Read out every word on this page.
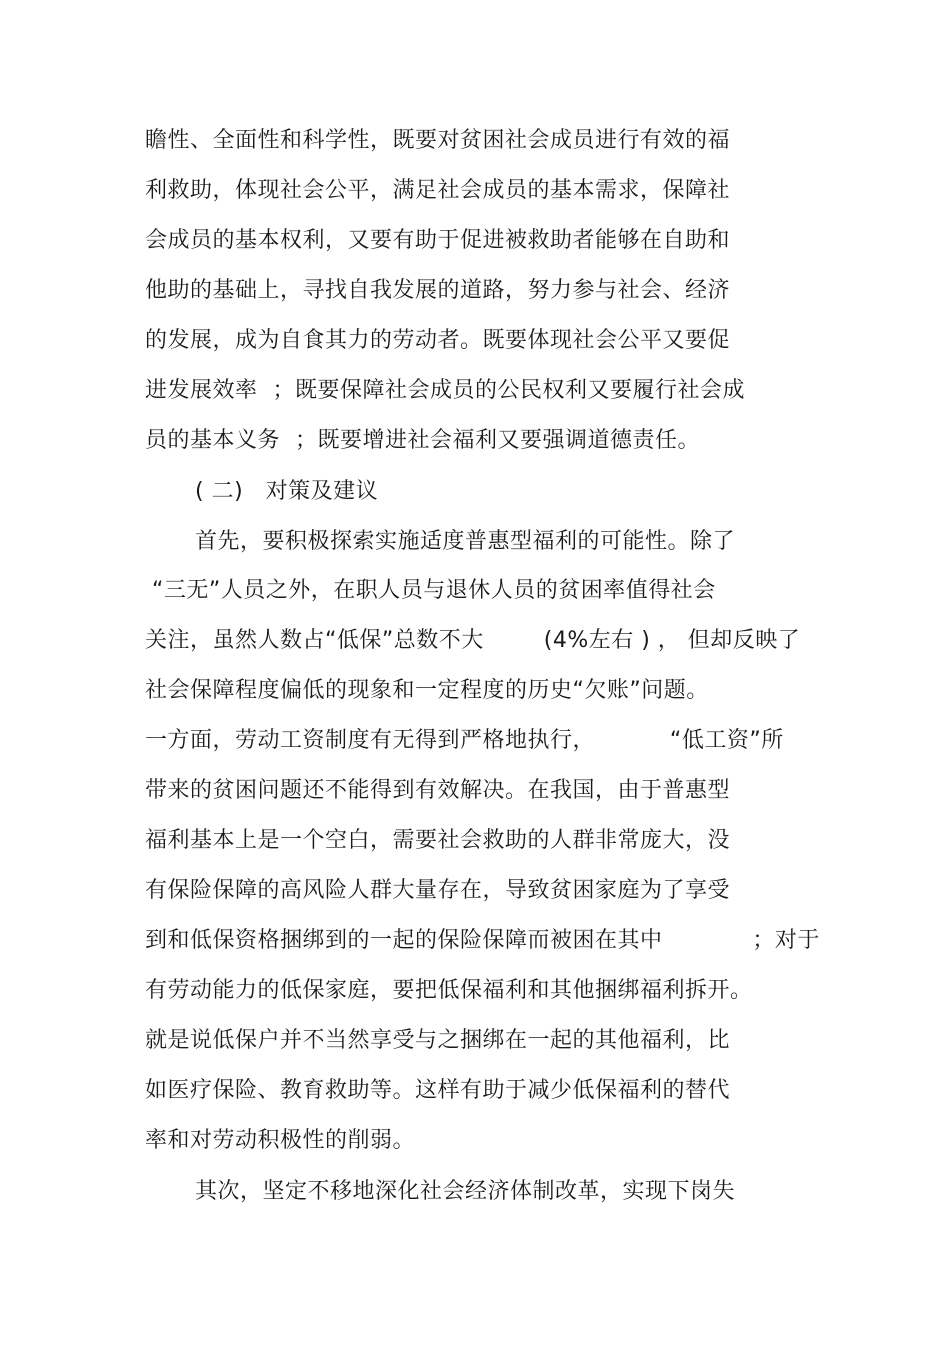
瞻性、全面性和科学性，既要对贫困社会成员进行有效的福
利救助，体现社会公平，满足社会成员的基本需求，保障社
会成员的基本权利，又要有助于促进被救助者能够在自助和
他助的基础上，寻找自我发展的道路，努力参与社会、经济
的发展，成为自食其力的劳动者。既要体现社会公平又要促
进发展效率  ；既要保障社会成员的公民权利又要履行社会成
员的基本义务  ；既要增进社会福利又要强调道德责任。
( 二)   对策及建议
首先，要积极探索实施适度普惠型福利的可能性。除了
“三无”人员之外，在职人员与退休人员的贫困率值得社会
关注，虽然人数占“低保”总数不大        (4%左右 ) ， 但却反映了
社会保障程度偏低的现象和一定程度的历史“欠账”问题。
一方面，劳动工资制度有无得到严格地执行，          “低工资”所
带来的贫困问题还不能得到有效解决。在我国，由于普惠型
福利基本上是一个空白，需要社会救助的人群非常庞大，没
有保险保障的高风险人群大量存在，导致贫困家庭为了享受
到和低保资格捆绑到的一起的保险保障而被困在其中            ；对于
有劳动能力的低保家庭，要把低保福利和其他捆绑福利拆开。
就是说低保户并不当然享受与之捆绑在一起的其他福利，比
如医疗保险、教育救助等。这样有助于减少低保福利的替代
率和对劳动积极性的削弱。
其次，坚定不移地深化社会经济体制改革，实现下岗失
